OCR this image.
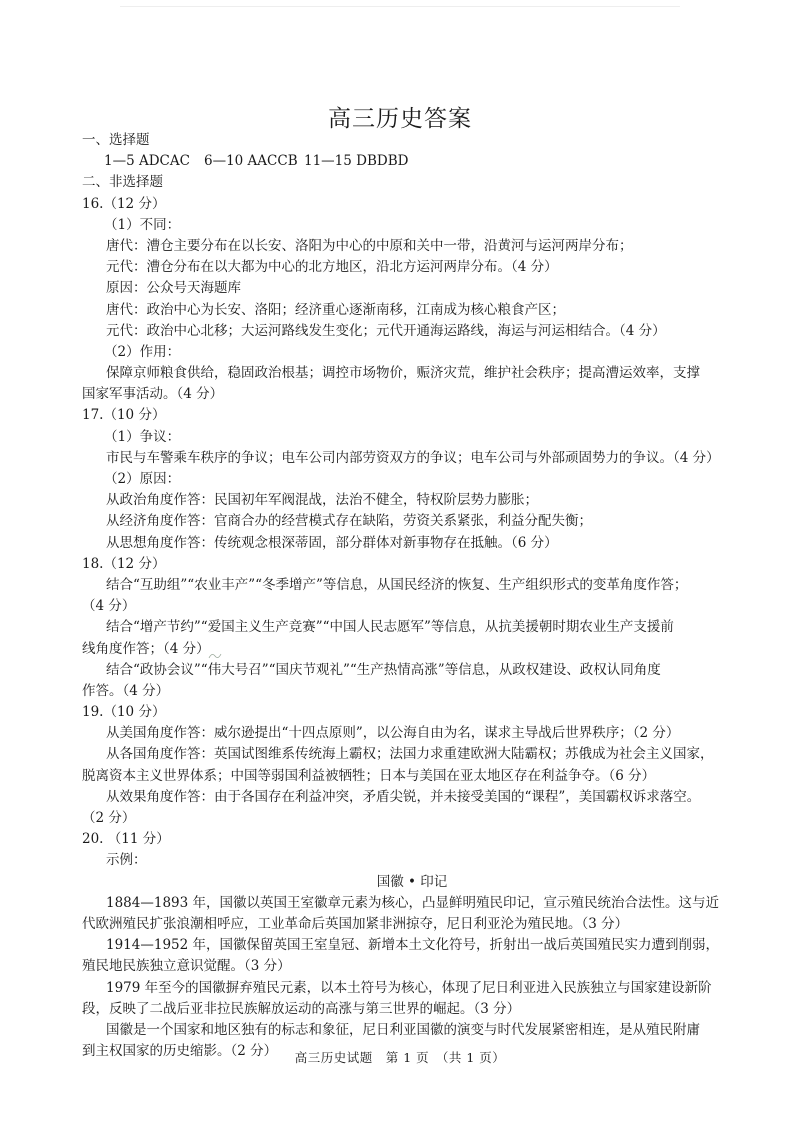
高三历史答案
一、选择题
1—5 ADCAC 6—10 AACCB 11—15 DBDBD
二、非选择题
16.（12 分）
（1）不同：
唐代：漕仓主要分布在以长安、洛阳为中心的中原和关中一带，沿黄河与运河两岸分布；
元代：漕仓分布在以大都为中心的北方地区，沿北方运河两岸分布。（4 分）
原因：公众号天海题库
唐代：政治中心为长安、洛阳；经济重心逐渐南移，江南成为核心粮食产区；
元代：政治中心北移；大运河路线发生变化；元代开通海运路线，海运与河运相结合。（4 分）
（2）作用：
保障京师粮食供给，稳固政治根基；调控市场物价，赈济灾荒，维护社会秩序；提高漕运效率，支撑
国家军事活动。（4 分）
17.（10 分）
（1）争议：
市民与车警乘车秩序的争议；电车公司内部劳资双方的争议；电车公司与外部顽固势力的争议。（4 分）
（2）原因：
从政治角度作答：民国初年军阀混战，法治不健全，特权阶层势力膨胀；
从经济角度作答：官商合办的经营模式存在缺陷，劳资关系紧张，利益分配失衡；
从思想角度作答：传统观念根深蒂固，部分群体对新事物存在抵触。（6 分）
18.（12 分）
结合“互助组”“农业丰产”“冬季增产”等信息，从国民经济的恢复、生产组织形式的变革角度作答；
（4 分）
结合“增产节约”“爱国主义生产竞赛”“中国人民志愿军”等信息，从抗美援朝时期农业生产支援前
线角度作答；（4 分）
结合“政协会议”“伟大号召”“国庆节观礼”“生产热情高涨”等信息，从政权建设、政权认同角度
作答。（4 分）
19.（10 分）
从美国角度作答：威尔逊提出“十四点原则”，以公海自由为名，谋求主导战后世界秩序；（2 分）
从各国角度作答：英国试图维系传统海上霸权；法国力求重建欧洲大陆霸权；苏俄成为社会主义国家，
脱离资本主义世界体系；中国等弱国利益被牺牲；日本与美国在亚太地区存在利益争夺。（6 分）
从效果角度作答：由于各国存在利益冲突，矛盾尖锐，并未接受美国的“课程”，美国霸权诉求落空。
（2 分）
20. （11 分）
示例：
国徽 • 印记
1884—1893 年，国徽以英国王室徽章元素为核心，凸显鲜明殖民印记，宣示殖民统治合法性。这与近
代欧洲殖民扩张浪潮相呼应，工业革命后英国加紧非洲掠夺，尼日利亚沦为殖民地。（3 分）
1914—1952 年，国徽保留英国王室皇冠、新增本土文化符号，折射出一战后英国殖民实力遭到削弱，
殖民地民族独立意识觉醒。（3 分）
1979 年至今的国徽摒弃殖民元素，以本土符号为核心，体现了尼日利亚进入民族独立与国家建设新阶
段，反映了二战后亚非拉民族解放运动的高涨与第三世界的崛起。（3 分）
国徽是一个国家和地区独有的标志和象征，尼日利亚国徽的演变与时代发展紧密相连，是从殖民附庸
到主权国家的历史缩影。（2 分）	高三历史试题　第 1 页　（共 1 页）
